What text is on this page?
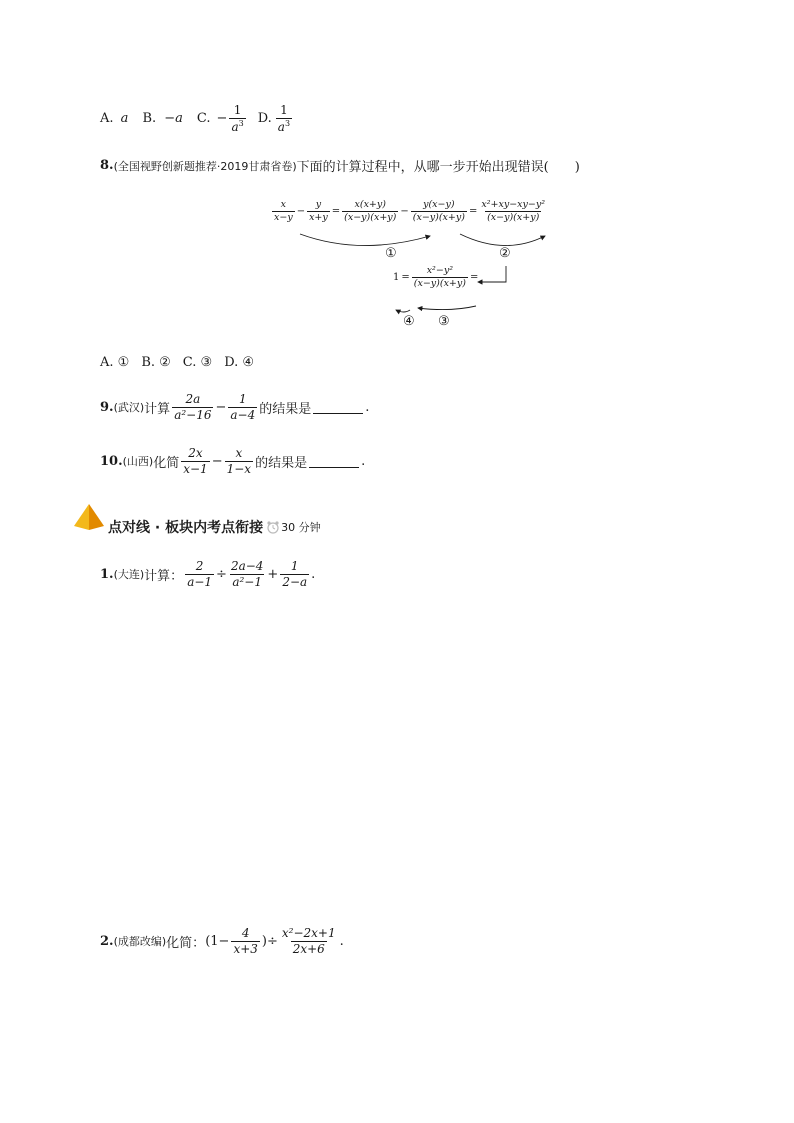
A. a B. −a C. − $\frac{1}{a^3} D$. $\frac{1}{a^3}$
8. (全国视野创新题推荐·2019甘肃省卷) 下面的计算过程中，从哪一步开始出现错误(　　)
$\frac{x}{x-y} - \frac{y}{x+y} = \frac{x(x+y)}{(x-y)(x+y)} - \frac{y(x-y)}{(x-y)(x+y)} = \frac{\text{x²+xy−xy−y²}}{(x-y)(x+y)}$
①	②
$1 = \frac{\text{x²−y²}}{(x-y)(x+y)}$ =
④ ③
A. ① B. ② C. ③ D. ④
9. (武汉) 计算 $\frac{2a}{\text{a²−16}} - \frac{1}{a-4}$ 的结果是	.
10. (山西) 化简 $\frac{2x}{x-1} - \frac{x}{1-x}$ 的结果是	.
点对线 · 板块内考点衔接 30 分钟
1. (大连) 计算： $\frac{2}{a-1} \div \frac{2a-4}{\text{a²−1}} + \frac{1}{2-a}$ .
2. (成都改编) 化简： ($1- \frac{4}{x+3}$ )÷ $\frac{\text{x²−2x+1}}{2x+6}$ .
